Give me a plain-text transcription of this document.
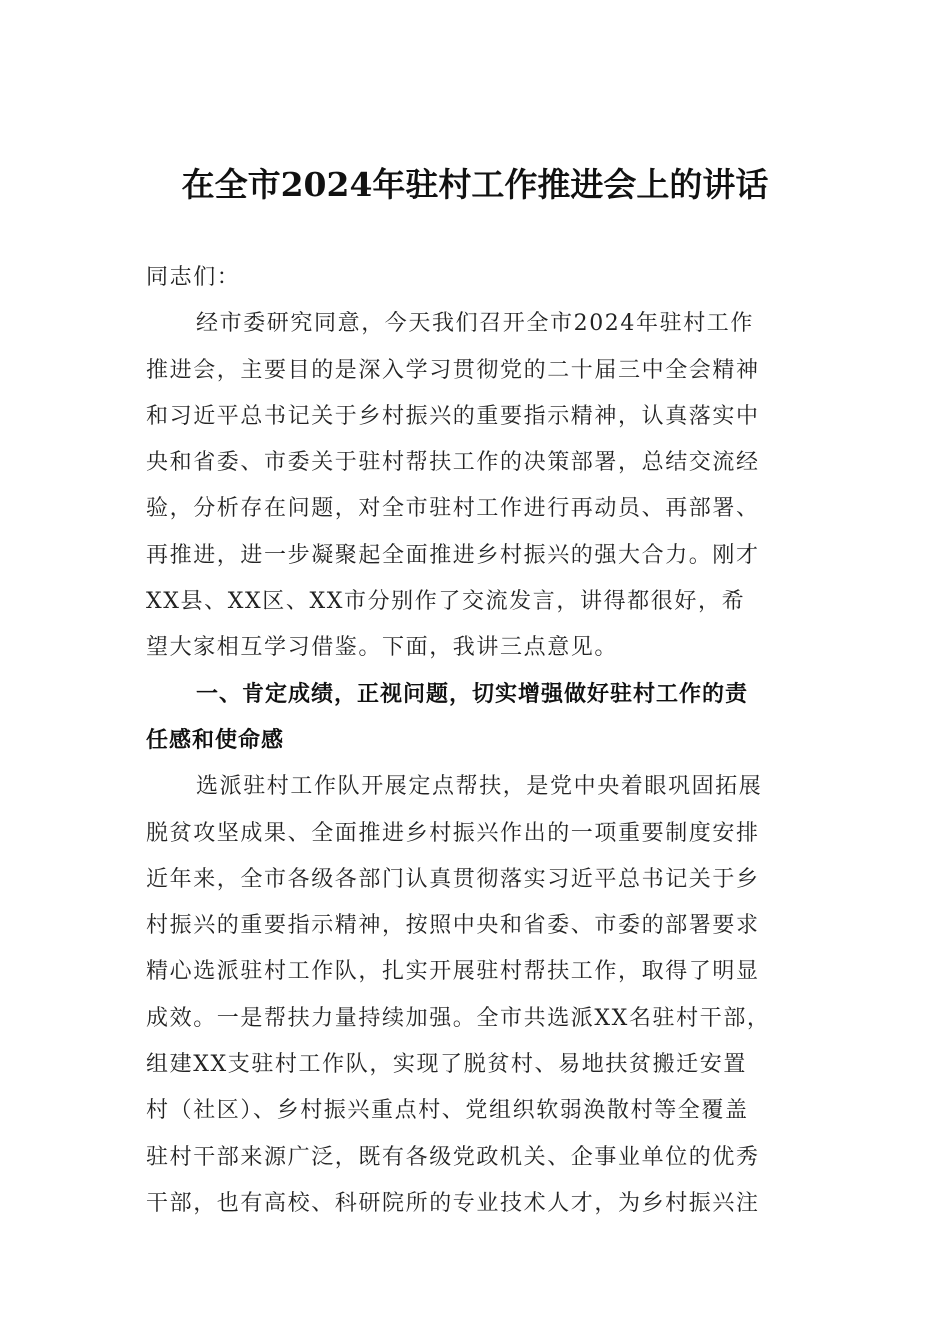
在全市2024年驻村工作推进会上的讲话
同志们：
经市委研究同意，今天我们召开全市2024年驻村工作
推进会，主要目的是深入学习贯彻党的二十届三中全会精神
和习近平总书记关于乡村振兴的重要指示精神，认真落实中
央和省委、市委关于驻村帮扶工作的决策部署，总结交流经
验，分析存在问题，对全市驻村工作进行再动员、再部署、
再推进，进一步凝聚起全面推进乡村振兴的强大合力。刚才
XX县、XX区、XX市分别作了交流发言，讲得都很好，希
望大家相互学习借鉴。下面，我讲三点意见。
一、肯定成绩，正视问题，切实增强做好驻村工作的责
任感和使命感
选派驻村工作队开展定点帮扶，是党中央着眼巩固拓展
脱贫攻坚成果、全面推进乡村振兴作出的一项重要制度安排
近年来，全市各级各部门认真贯彻落实习近平总书记关于乡
村振兴的重要指示精神，按照中央和省委、市委的部署要求
精心选派驻村工作队，扎实开展驻村帮扶工作，取得了明显
成效。一是帮扶力量持续加强。全市共选派XX名驻村干部，
组建XX支驻村工作队，实现了脱贫村、易地扶贫搬迁安置
村（社区）、乡村振兴重点村、党组织软弱涣散村等全覆盖
驻村干部来源广泛，既有各级党政机关、企事业单位的优秀
干部，也有高校、科研院所的专业技术人才，为乡村振兴注
